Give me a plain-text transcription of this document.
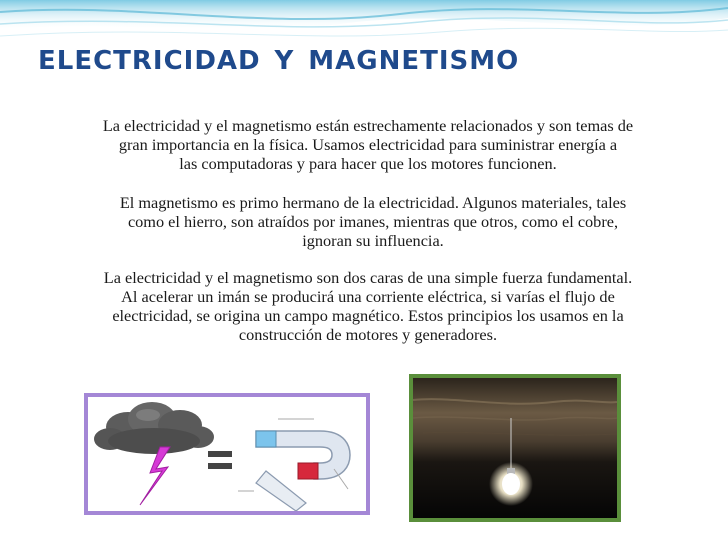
electricidad y magnetismo

La electricidad y el magnetismo están estrechamente relacionados y son temas de
gran importancia en la física. Usamos electricidad para suministrar energía a
las computadoras y para hacer que los motores funcionen.

El magnetismo es primo hermano de la electricidad. Algunos materiales, tales
como el hierro, son atraídos por imanes, mientras que otros, como el cobre,
ignoran su influencia.

La electricidad y el magnetismo son dos caras de una simple fuerza fundamental.
Al acelerar un imán se producirá una corriente eléctrica, si varías el flujo de
electricidad, se origina un campo magnético. Estos principios los usamos en la
construcción de motores y generadores.
